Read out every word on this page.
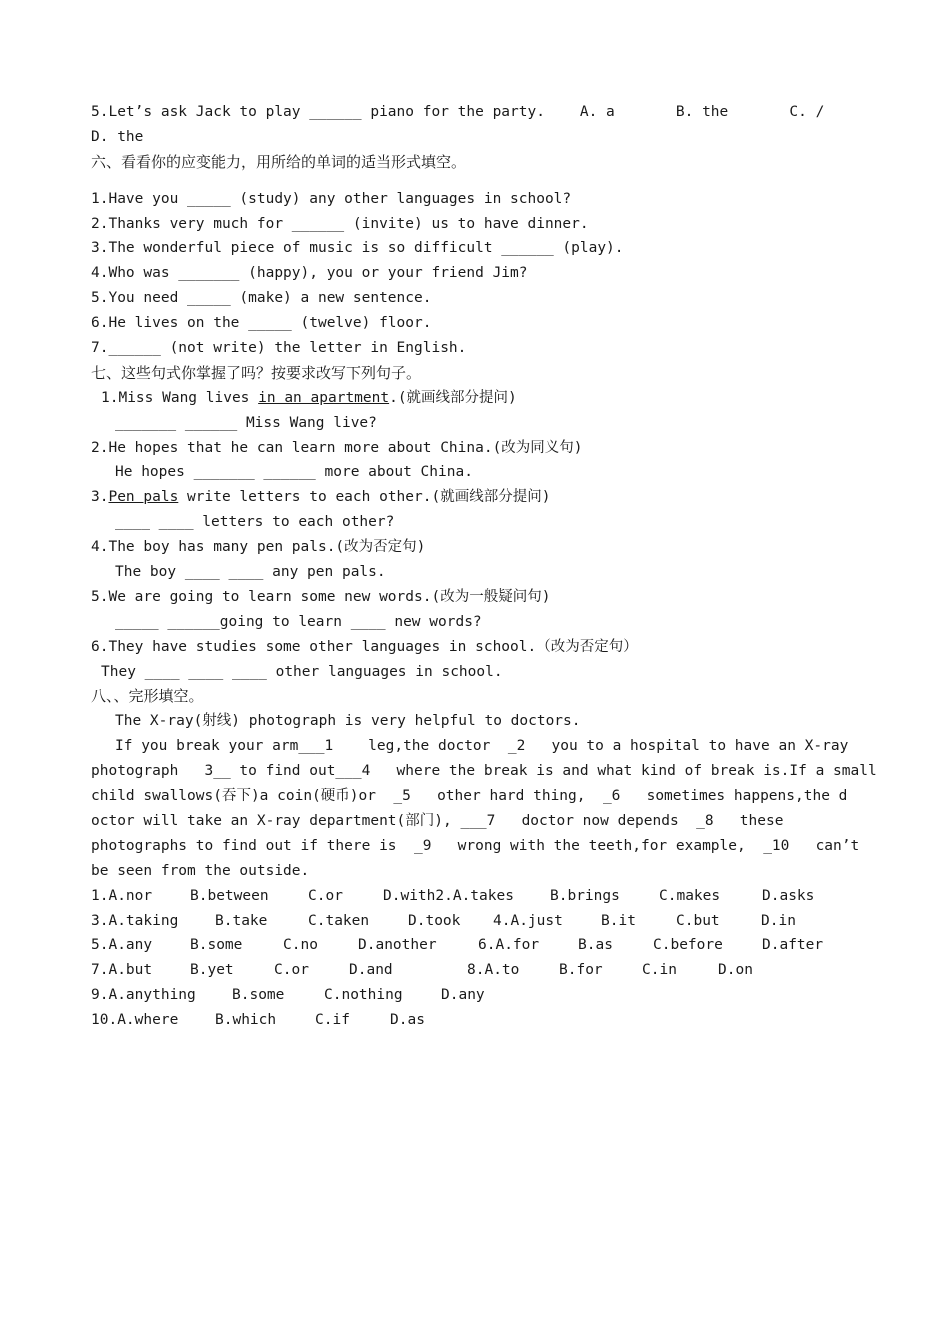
5.Let’s ask Jack to play ______ piano for the party.    A. a       B. the       C. /
D. the
六、看看你的应变能力，用所给的单词的适当形式填空。
1.Have you _____ (study) any other languages in school?
2.Thanks very much for ______ (invite) us to have dinner.
3.The wonderful piece of music is so difficult ______ (play).
4.Who was _______ (happy), you or your friend Jim?
5.You need _____ (make) a new sentence.
6.He lives on the _____ (twelve) floor.
7.______ (not write) the letter in English.
七、这些句式你掌握了吗？按要求改写下列句子。
1.Miss Wang lives in an apartment.(就画线部分提问)
_______ ______ Miss Wang live?
2.He hopes that he can learn more about China.(改为同义句)
He hopes _______ ______ more about China.
3.Pen pals write letters to each other.(就画线部分提问)
____ ____ letters to each other?
4.The boy has many pen pals.(改为否定句)
The boy ____ ____ any pen pals.
5.We are going to learn some new words.(改为一般疑问句)
_____ ______going to learn ____ new words?
6.They have studies some other languages in school.（改为否定句）
They ____ ____ ____ other languages in school.
八、、完形填空。
The X-ray(射线) photograph is very helpful to doctors.
If you break your arm___1    leg,the doctor  _2   you to a hospital to have an X-ray
photograph   3__ to find out___4   where the break is and what kind of break is.If a small
child swallows(吞下)a coin(硬币)or  _5   other hard thing,  _6   sometimes happens,the d
octor will take an X-ray department(部门), ___7   doctor now depends  _8   these
photographs to find out if there is  _9   wrong with the teeth,for example,  _10   can’t
be seen from the outside.
1.A.nor	B.between	C.or	D.with2.A.takes	B.brings	C.makes	D.asks
3.A.taking	B.take	C.taken	D.took	4.A.just	B.it	C.but	D.in
5.A.any	B.some	C.no	D.another	6.A.for	B.as	C.before	D.after
7.A.but	B.yet	C.or	D.and	8.A.to	B.for	C.in	D.on
9.A.anything	B.some	C.nothing	D.any
10.A.where	B.which	C.if	D.as
